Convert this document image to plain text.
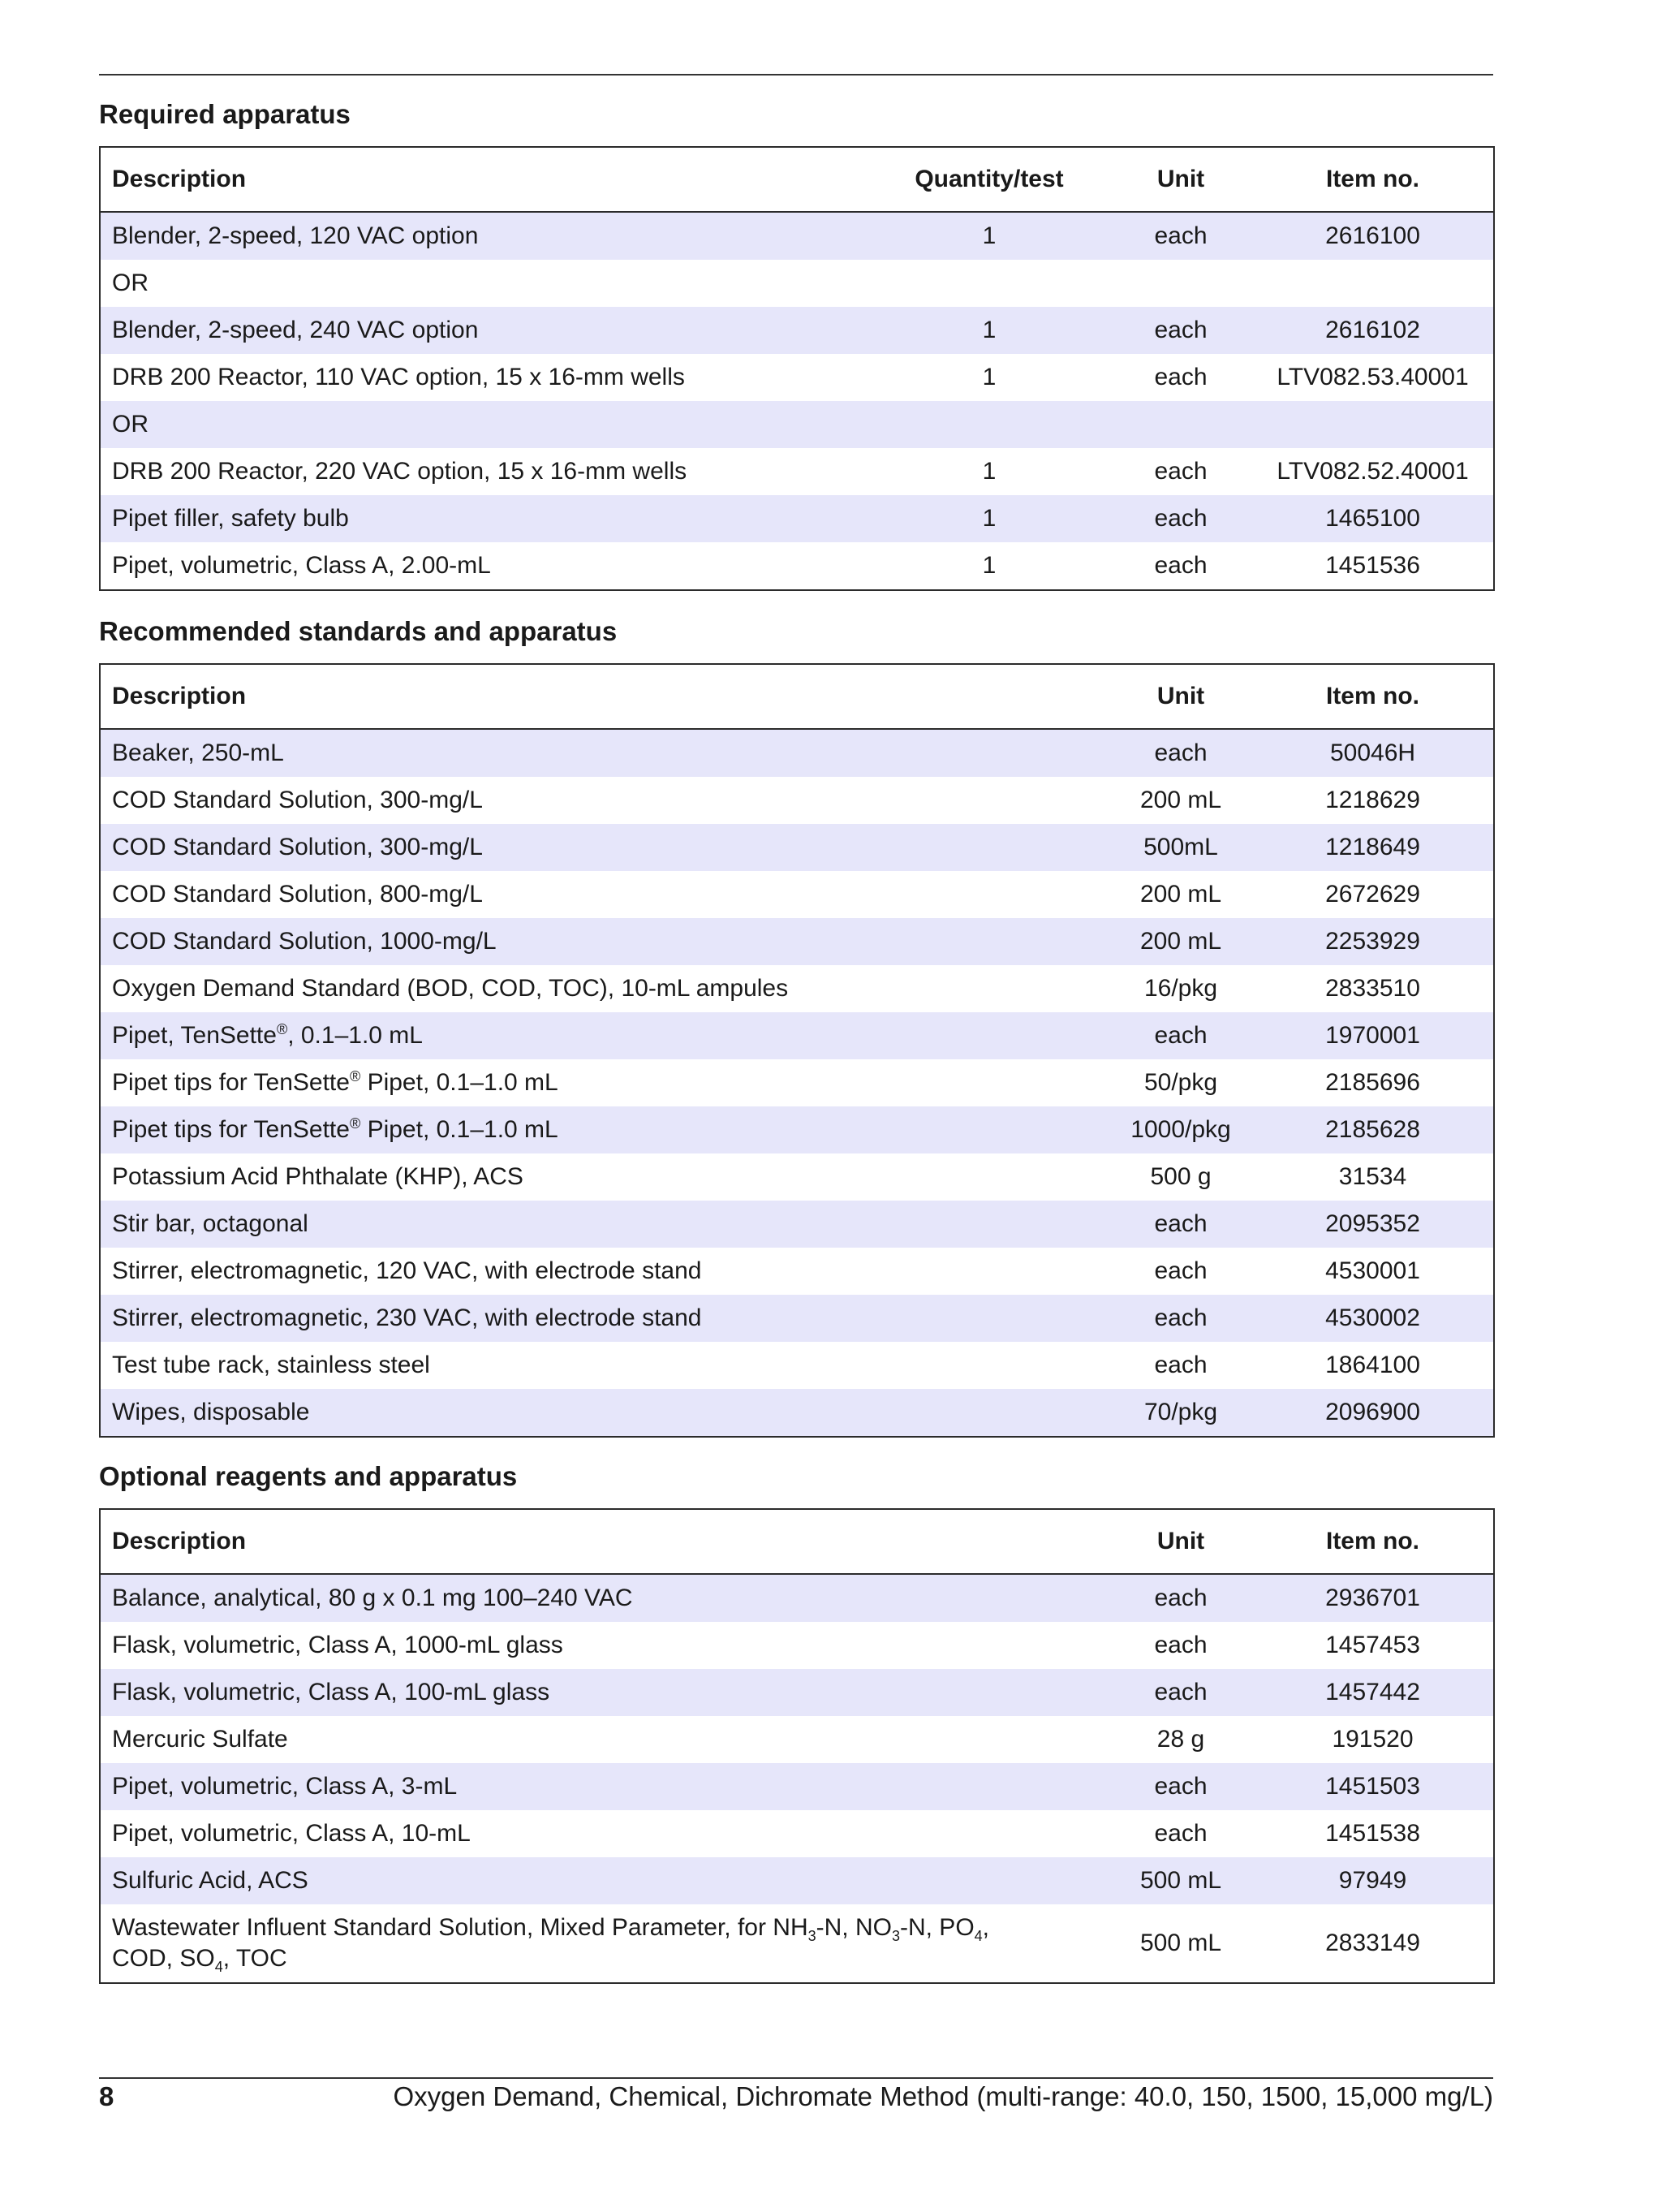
Required apparatus
Description	Quantity/test	Unit	Item no.
Blender, 2-speed, 120 VAC option	1	each	2616100
OR			
Blender, 2-speed, 240 VAC option	1	each	2616102
DRB 200 Reactor, 110 VAC option, 15 x 16-mm wells	1	each	LTV082.53.40001
OR			
DRB 200 Reactor, 220 VAC option, 15 x 16-mm wells	1	each	LTV082.52.40001
Pipet filler, safety bulb	1	each	1465100
Pipet, volumetric, Class A, 2.00-mL	1	each	1451536
Recommended standards and apparatus
Description	Unit	Item no.
Beaker, 250-mL	each	50046H
COD Standard Solution, 300-mg/L	200 mL	1218629
COD Standard Solution, 300-mg/L	500mL	1218649
COD Standard Solution, 800-mg/L	200 mL	2672629
COD Standard Solution, 1000-mg/L	200 mL	2253929
Oxygen Demand Standard (BOD, COD, TOC), 10-mL ampules	16/pkg	2833510
Pipet, TenSette®, 0.1–1.0 mL	each	1970001
Pipet tips for TenSette® Pipet, 0.1–1.0 mL	50/pkg	2185696
Pipet tips for TenSette® Pipet, 0.1–1.0 mL	1000/pkg	2185628
Potassium Acid Phthalate (KHP), ACS	500 g	31534
Stir bar, octagonal	each	2095352
Stirrer, electromagnetic, 120 VAC, with electrode stand	each	4530001
Stirrer, electromagnetic, 230 VAC, with electrode stand	each	4530002
Test tube rack, stainless steel	each	1864100
Wipes, disposable	70/pkg	2096900
Optional reagents and apparatus
Description	Unit	Item no.
Balance, analytical, 80 g x 0.1 mg 100–240 VAC	each	2936701
Flask, volumetric, Class A, 1000-mL glass	each	1457453
Flask, volumetric, Class A, 100-mL glass	each	1457442
Mercuric Sulfate	28 g	191520
Pipet, volumetric, Class A, 3-mL	each	1451503
Pipet, volumetric, Class A, 10-mL	each	1451538
Sulfuric Acid, ACS	500 mL	97949
Wastewater Influent Standard Solution, Mixed Parameter, for $NH_3-N$, $NO_3-N$, $PO_4$,
COD, $SO_4$, TOC	500 mL	2833149
8	Oxygen Demand, Chemical, Dichromate Method (multi-range: 40.0, 150, 1500, 15,000 mg/L)
